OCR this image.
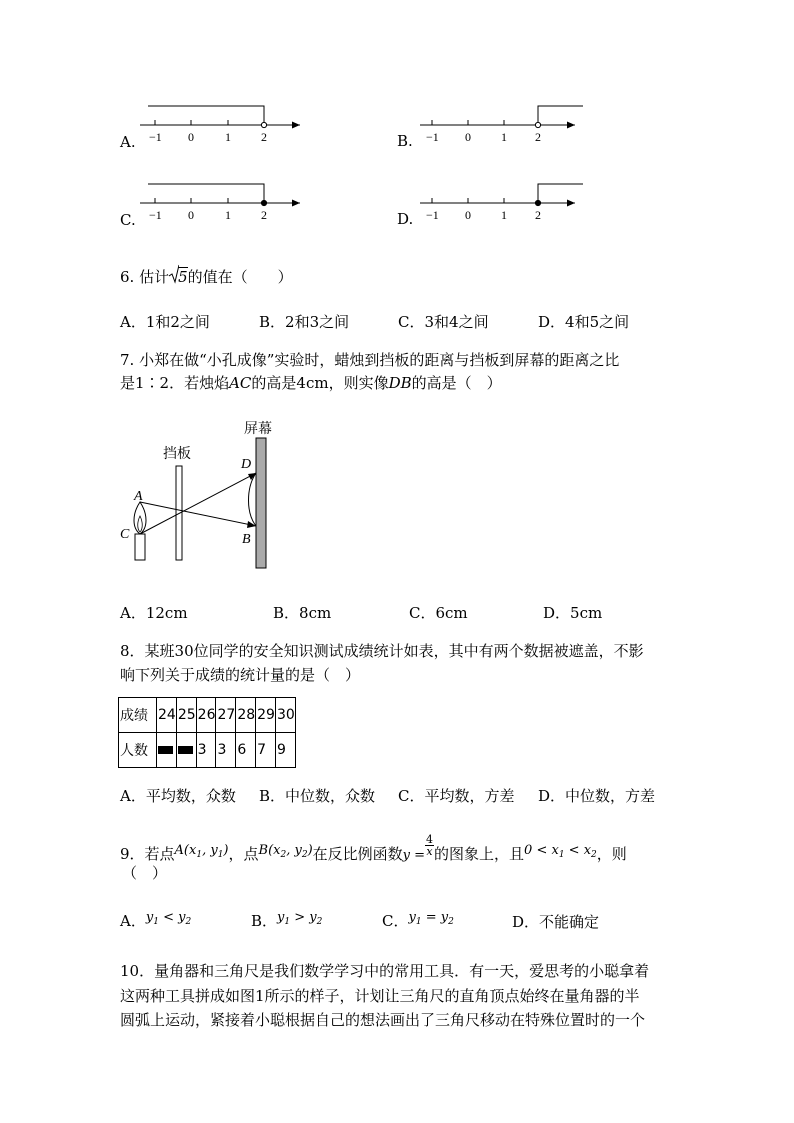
A. −1 0	1	2	B. −1 0	1 2
C. −1 0	1	2	D. −1 0	1 2
6. 估计 5的值在（　　）
A．1和2之间	B．2和3之间	C．3和4之间	D．4和5之间
7. 小郑在做“小孔成像”实验时，蜡烛到挡板的距离与挡板到屏幕的距离之比
是1∶2．若烛焰AC的高是4cm，则实像DB的高是（　）
屏幕
挡板
A
C
D
B
A．12cm	B．8cm	C．6cm	D．5cm
8．某班30位同学的安全知识测试成绩统计如表，其中有两个数据被遮盖，不影
响下列关于成绩的统计量的是（　）
成绩	24	25	26	27	28	29	30
人数			3	3	6	7	9
A．平均数，众数 B．中位数，众数 C．平均数，方差 D．中位数，方差
9．若点$A(x_1$, $y_1$)，点$B(x_2$, $y_2$)在反比例函数$y = \frac{4}{x}$ 的图象上，且$0 < x_1 < x_2$，则
（　）
A．$y_1 < y_2$	B．$y_1 > y_2$	C．$y_1 = y_2$	D．不能确定
10．量角器和三角尺是我们数学学习中的常用工具．有一天，爱思考的小聪拿着
这两种工具拼成如图1所示的样子，计划让三角尺的直角顶点始终在量角器的半
圆弧上运动，紧接着小聪根据自己的想法画出了三角尺移动在特殊位置时的一个
